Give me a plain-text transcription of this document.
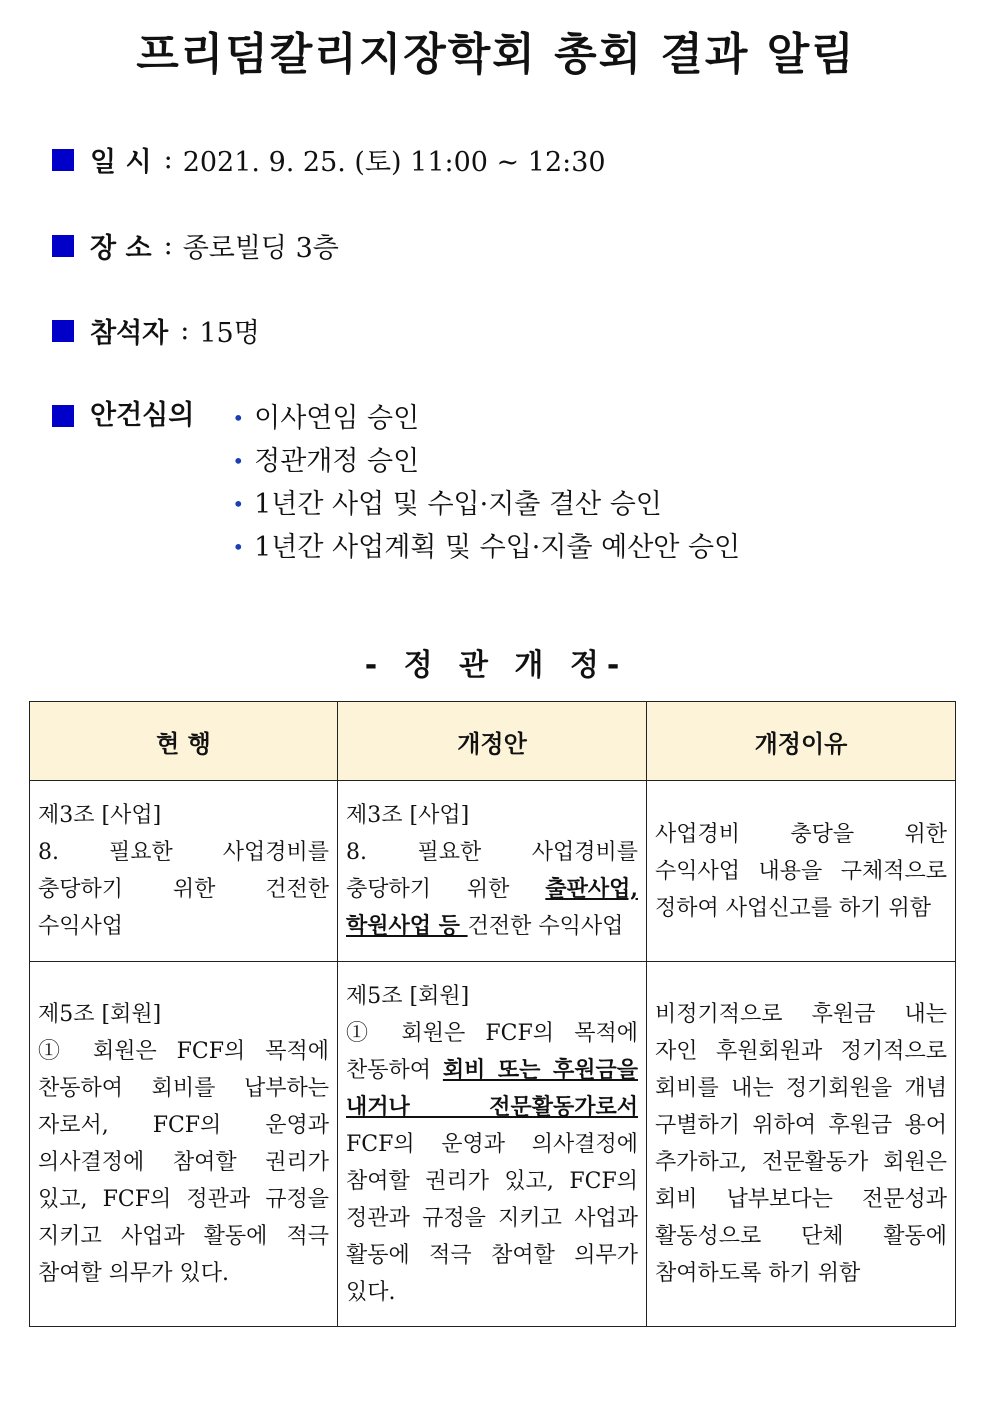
프리덤칼리지장학회 총회 결과 알림
일 시 : 2021. 9. 25. (토) 11:00 ~ 12:30
장 소 : 종로빌딩 3층
참석자 : 15명
안건심의 • 이사연임 승인
• 정관개정 승인
• 1년간 사업 및 수입·지출 결산 승인
• 1년간 사업계획 및 수입·지출 예산안 승인
- 정 관 개 정-
현 행	개정안	개정이유

제3조 [사업]
8. 필요한 사업경비를 충당하기 위한 건전한 수익사업	제3조 [사업]
8. 필요한 사업경비를 충당하기 위한 출판사업, 학원사업 등 건전한 수익사업	사업경비 충당을 위한 수익사업 내용을 구체적으로 정하여 사업신고를 하기 위함

제5조 [회원]
① 회원은 FCF의 목적에 찬동하여 회비를 납부하는 자로서, FCF의 운영과 의사결정에 참여할 권리가 있고, FCF의 정관과 규정을 지키고 사업과 활동에 적극 참여할 의무가 있다.	제5조 [회원]
① 회원은 FCF의 목적에 찬동하여 회비 또는 후원금을 내거나 전문활동가로서 FCF의 운영과 의사결정에 참여할 권리가 있고, FCF의 정관과 규정을 지키고 사업과 활동에 적극 참여할 의무가 있다.	비정기적으로 후원금 내는 자인 후원회원과 정기적으로 회비를 내는 정기회원을 개념 구별하기 위하여 후원금 용어 추가하고, 전문활동가 회원은 회비 납부보다는 전문성과 활동성으로 단체 활동에 참여하도록 하기 위함
